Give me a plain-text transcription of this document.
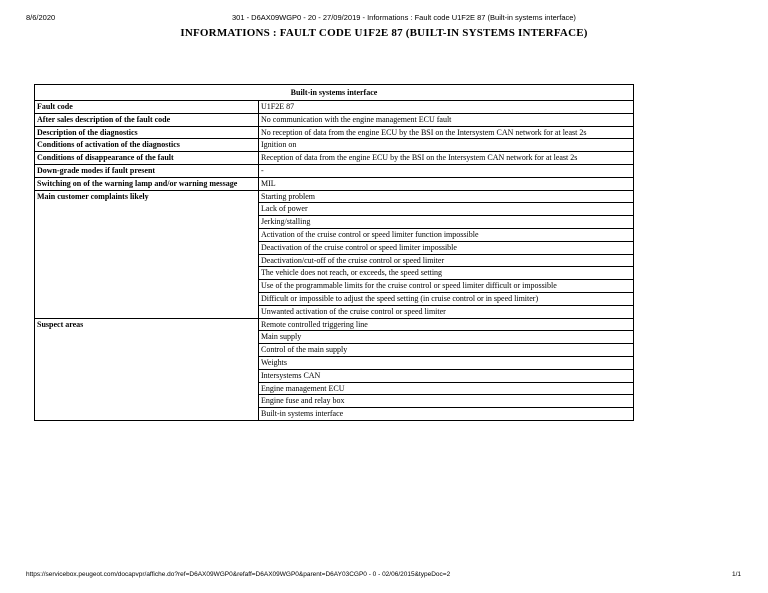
8/6/2020	301 - D6AX09WGP0 - 20 - 27/09/2019 - Informations : Fault code U1F2E 87 (Built-in systems interface)
INFORMATIONS : FAULT CODE U1F2E 87 (BUILT-IN SYSTEMS INTERFACE)
Built-in systems interface	
Fault code	U1F2E 87
After sales description of the fault code	No communication with the engine management ECU fault
Description of the diagnostics	No reception of data from the engine ECU by the BSI on the Intersystem CAN network for at least 2s
Conditions of activation of the diagnostics	Ignition on
Conditions of disappearance of the fault	Reception of data from the engine ECU by the BSI on the Intersystem CAN network for at least 2s
Down-grade modes if fault present	-
Switching on of the warning lamp and/or warning message	MIL
Main customer complaints likely	Starting problem
	Lack of power
	Jerking/stalling
	Activation of the cruise control or speed limiter function impossible
	Deactivation of the cruise control or speed limiter impossible
	Deactivation/cut-off of the cruise control or speed limiter
	The vehicle does not reach, or exceeds, the speed setting
	Use of the programmable limits for the cruise control or speed limiter difficult or impossible
	Difficult or impossible to adjust the speed setting (in cruise control or in speed limiter)
	Unwanted activation of the cruise control or speed limiter
Suspect areas	Remote controlled triggering line
	Main supply
	Control of the main supply
	Weights
	Intersystems CAN
	Engine management ECU
	Engine fuse and relay box
	Built-in systems interface
https://servicebox.peugeot.com/docapvpr/affiche.do?ref=D6AX09WGP0&refaff=D6AX09WGP0&parent=D6AY03CGP0 - 0 - 02/06/2015&typeDoc=2	1/1
